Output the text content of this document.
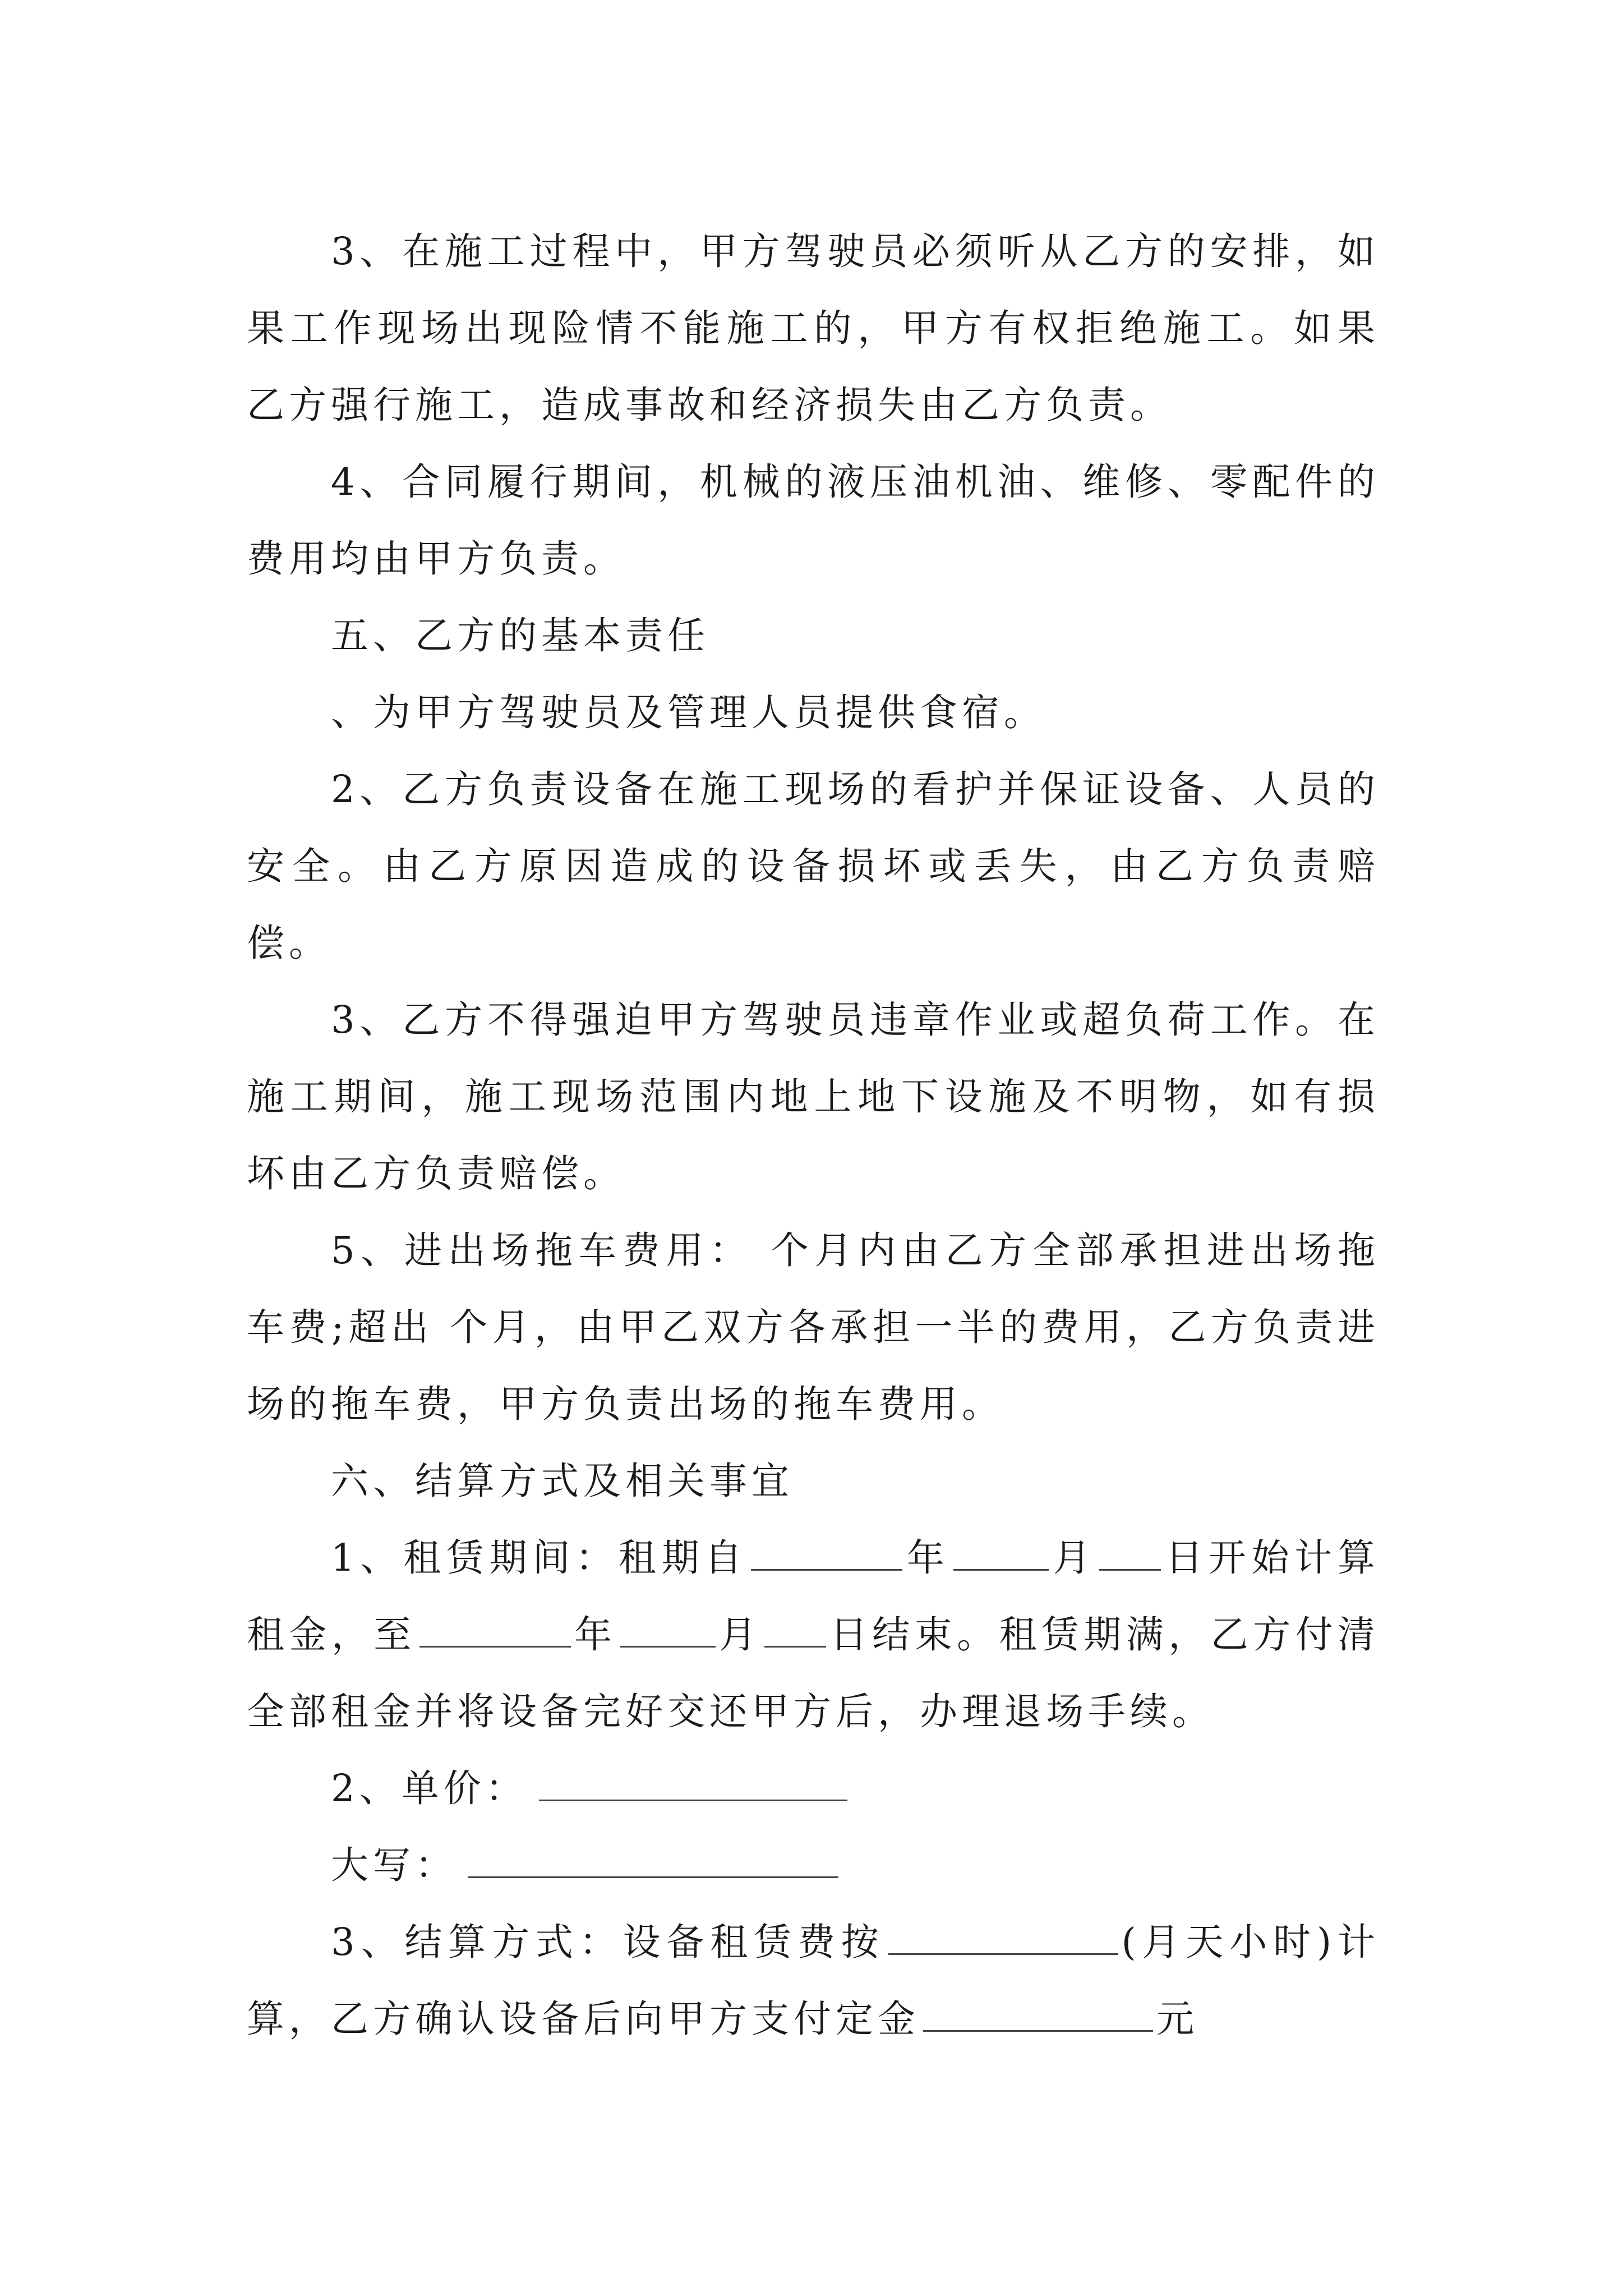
3、在施工过程中，甲方驾驶员必须听从乙方的安排，如果工作现场出现险情不能施工的，甲方有权拒绝施工。如果乙方强行施工，造成事故和经济损失由乙方负责。

4、合同履行期间，机械的液压油机油、维修、零配件的费用均由甲方负责。

五、乙方的基本责任

、为甲方驾驶员及管理人员提供食宿。

2、乙方负责设备在施工现场的看护并保证设备、人员的安全。由乙方原因造成的设备损坏或丢失，由乙方负责赔偿。

3、乙方不得强迫甲方驾驶员违章作业或超负荷工作。在施工期间，施工现场范围内地上地下设施及不明物，如有损坏由乙方负责赔偿。

5、进出场拖车费用： 个月内由乙方全部承担进出场拖车费;超出 个月，由甲乙双方各承担一半的费用，乙方负责进场的拖车费，甲方负责出场的拖车费用。

六、结算方式及相关事宜

1、租赁期间：租期自	年	月 日开始计算租金，至	年	月 日结束。租赁期满，乙方付清全部租金并将设备完好交还甲方后，办理退场手续。

2、单价：

大写：

3、结算方式：设备租赁费按	(月天小时)计算，乙方确认设备后向甲方支付定金	元
